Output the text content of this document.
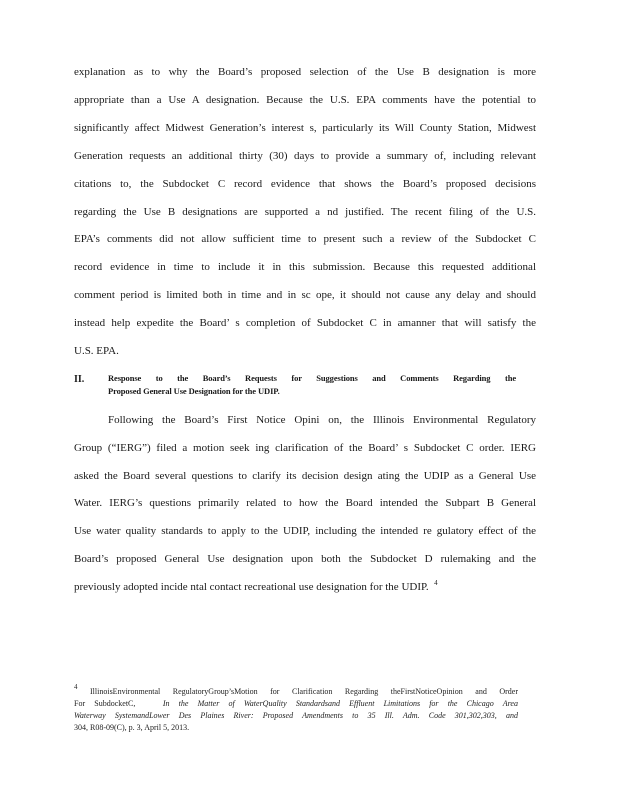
explanation as to why the Board’s proposed selection of the Use B designation is more
appropriate than a Use A designation. Because the U.S. EPA comments have the potential to
significantly affect Midwest Generation’s interest s, particularly its Will County Station, Midwest
Generation requests an additional thirty (30) days to provide a summary of, including relevant
citations to, the Subdocket C record evidence that shows the Board’s proposed decisions
regarding the Use B designations are supported a nd justified. The recent filing of the U.S.
EPA’s comments did not allow sufficient time to present such a review of the Subdocket C
record evidence in time to include it in this submission. Because this requested additional
comment period is limited both in time and in sc ope, it should not cause any delay and should
instead help expedite the Board’ s completion of Subdocket C in amanner that will satisfy the
U.S. EPA.
II.	Response to the Board’s Requests for Suggestions and Comments Regarding the
Proposed General Use Designation for the UDIP.
Following the Board’s First Notice Opini on, the Illinois Environmental Regulatory
Group (“IERG”) filed a motion seek ing clarification of the Board’ s Subdocket C order. IERG
asked the Board several questions to clarify its decision design ating the UDIP as a General Use
Water. IERG’s questions primarily related to how the Board intended the Subpart B General
Use water quality standards to apply to the UDIP, including the intended re gulatory effect of the
Board’s proposed General Use designation upon both the Subdocket D rulemaking and the
previously adopted incide ntal contact recreational use designation for the UDIP. $^4$
$^4$ IllinoisEnvironmental RegulatoryGroup’sMotion for Clarification Regarding theFirstNoticeOpinion and Order
For SubdocketC,	In the Matter of WaterQuality Standardsand Effluent Limitations for the Chicago Area
Waterway SystemandLower Des Plaines River: Proposed Amendments to 35 Ill. Adm. Code 301,302,303, and
304, R08-09(C), p. 3, April 5, 2013.
